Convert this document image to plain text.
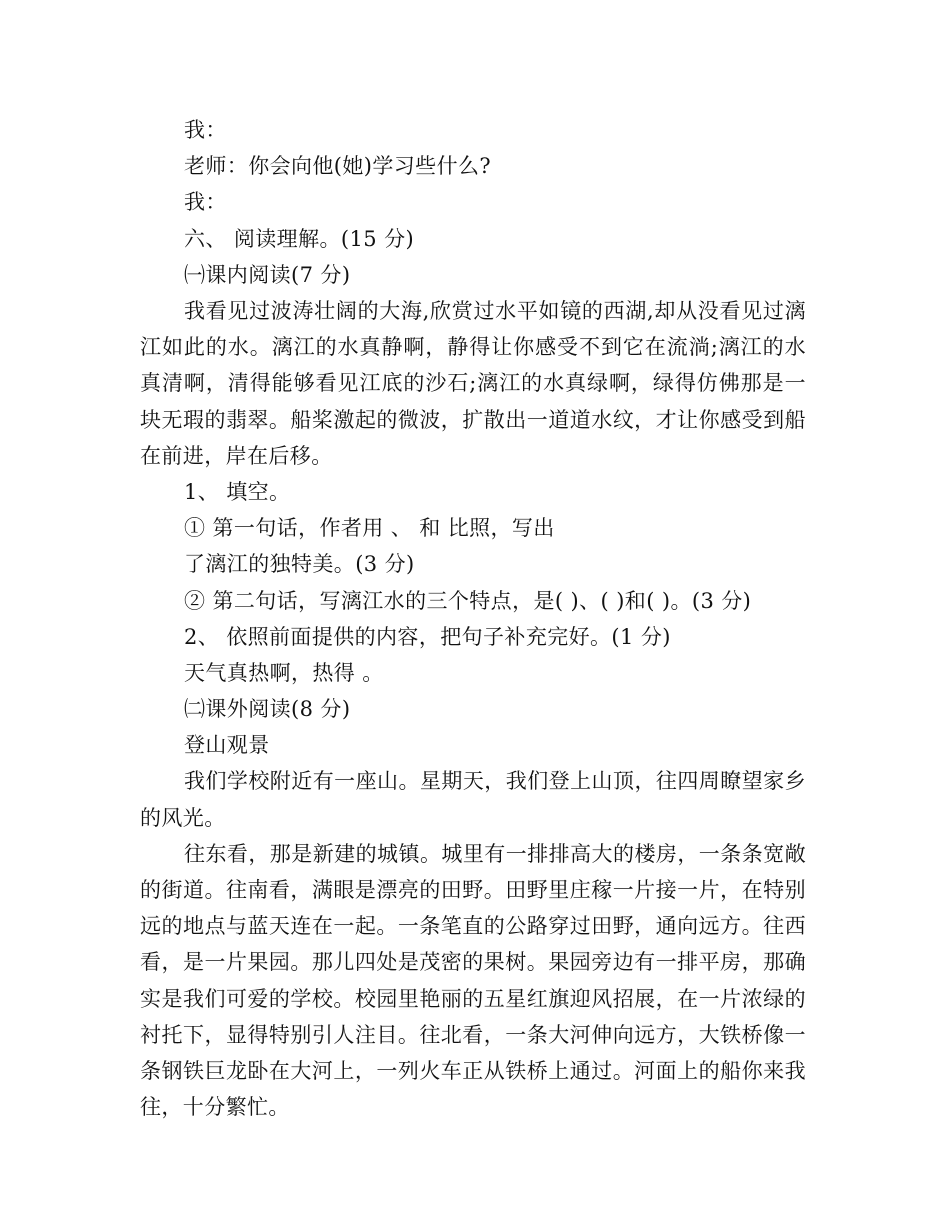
我：
老师：你会向他(她)学习些什么?
我：
六、 阅读理解。(15 分)
㈠课内阅读(7 分)
我看见过波涛壮阔的大海,欣赏过水平如镜的西湖,却从没看见过漓江如此的水。漓江的水真静啊，静得让你感受不到它在流淌;漓江的水真清啊，清得能够看见江底的沙石;漓江的水真绿啊，绿得仿佛那是一块无瑕的翡翠。船桨激起的微波，扩散出一道道水纹，才让你感受到船在前进，岸在后移。
1、 填空。
① 第一句话，作者用 、 和 比照，写出
了漓江的独特美。(3 分)
② 第二句话，写漓江水的三个特点，是( )、( )和( )。(3 分)
2、 依照前面提供的内容，把句子补充完好。(1 分)
天气真热啊，热得 。
㈡课外阅读(8 分)
登山观景
我们学校附近有一座山。星期天，我们登上山顶，往四周瞭望家乡的风光。
往东看，那是新建的城镇。城里有一排排高大的楼房，一条条宽敞的街道。往南看，满眼是漂亮的田野。田野里庄稼一片接一片，在特别远的地点与蓝天连在一起。一条笔直的公路穿过田野，通向远方。往西看，是一片果园。那儿四处是茂密的果树。果园旁边有一排平房，那确实是我们可爱的学校。校园里艳丽的五星红旗迎风招展，在一片浓绿的衬托下，显得特别引人注目。往北看，一条大河伸向远方，大铁桥像一条钢铁巨龙卧在大河上，一列火车正从铁桥上通过。河面上的船你来我往，十分繁忙。
